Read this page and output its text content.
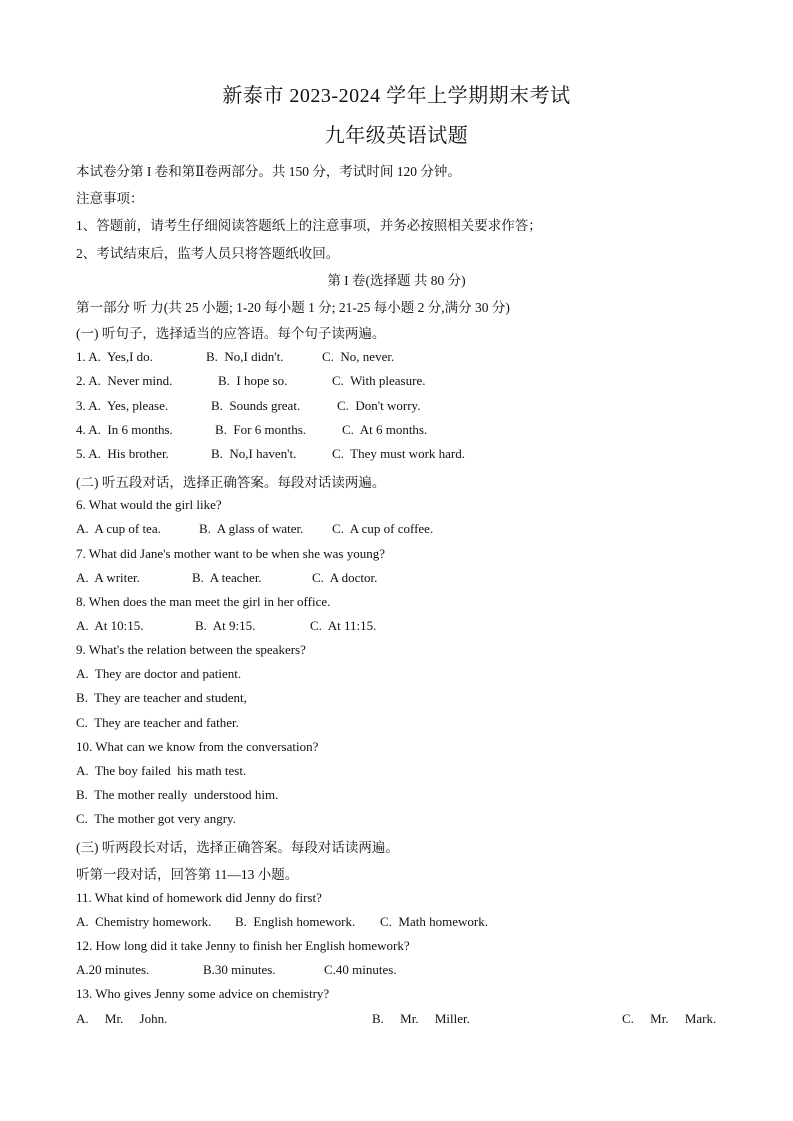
新泰市 2023-2024 学年上学期期末考试
九年级英语试题
本试卷分第 I 卷和第Ⅱ卷两部分。共 150 分，考试时间 120 分钟。
注意事项：
1、答题前，请考生仔细阅读答题纸上的注意事项，并务必按照相关要求作答；
2、考试结束后，监考人员只将答题纸收回。
第 I 卷(选择题 共 80 分)
第一部分 听 力(共 25 小题; 1-20 每小题 1 分; 21-25 每小题 2 分,满分 30 分)
(一) 听句子，选择适当的应答语。每个句子读两遍。
1. A.  Yes,I do.	B.  No,I didn't.	C.  No, never.
2. A.  Never mind.	B.  I hope so.	C.  With pleasure.
3. A.  Yes, please.	B.  Sounds great.	C.  Don't worry.
4. A.  In 6 months.	B.  For 6 months.	C.  At 6 months.
5. A.  His brother.	B.  No,I haven't.	C.  They must work hard.
(二) 听五段对话，选择正确答案。每段对话读两遍。
6. What would the girl like?
A.  A cup of tea.	B.  A glass of water. C.  A cup of coffee.
7. What did Jane's mother want to be when she was young?
A.  A writer.	B.  A teacher.	C.  A doctor.
8. When does the man meet the girl in her office.
A.  At 10:15.	B.  At 9:15.	C.  At 11:15.
9. What's the relation between the speakers?
A.  They are doctor and patient.
B.  They are teacher and student,
C.  They are teacher and father.
10. What can we know from the conversation?
A.  The boy failed  his math test.
B.  The mother really  understood him.
C.  The mother got very angry.
(三) 听两段长对话，选择正确答案。每段对话读两遍。
听第一段对话，回答第 11—13 小题。
11. What kind of homework did Jenny do first?
A.  Chemistry homework. B.  English homework. C.  Math homework.
12. How long did it take Jenny to finish her English homework?
A.20 minutes.	B.30 minutes.	C.40 minutes.
13. Who gives Jenny some advice on chemistry?
A.     Mr.     John.	B.     Mr.     Miller.	C.     Mr.     Mark.
